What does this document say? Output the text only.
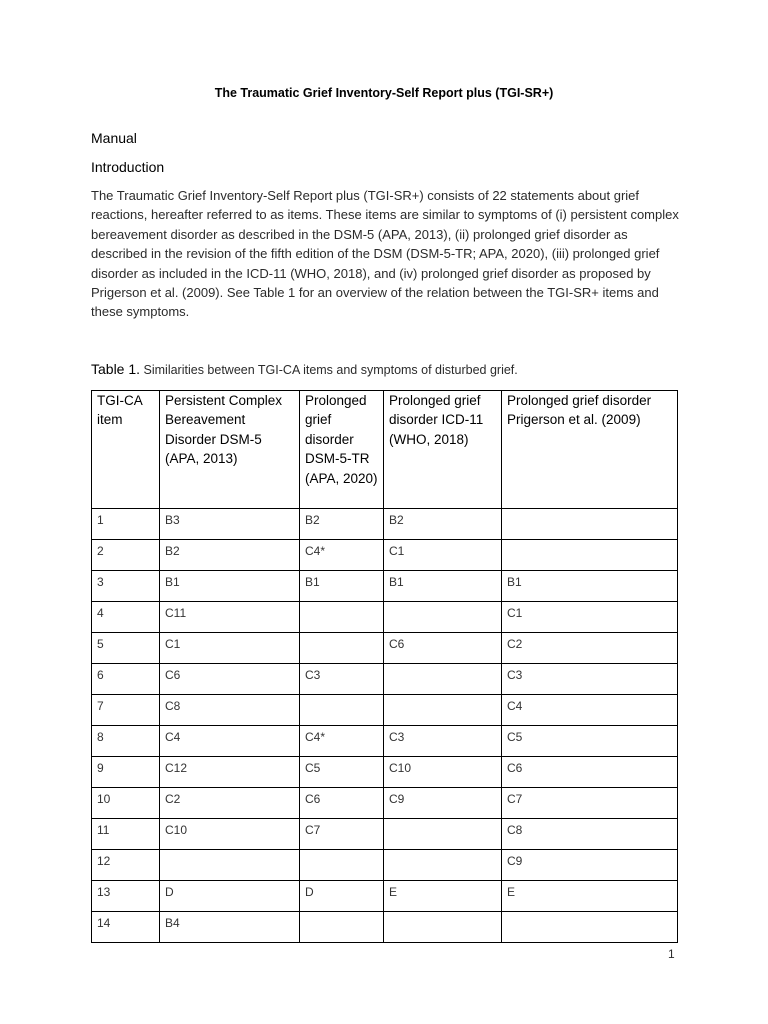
The Traumatic Grief Inventory-Self Report plus (TGI-SR+)
Manual
Introduction
The Traumatic Grief Inventory-Self Report plus (TGI-SR+) consists of 22 statements about grief reactions, hereafter referred to as items. These items are similar to symptoms of (i) persistent complex bereavement disorder as described in the DSM-5 (APA, 2013), (ii) prolonged grief disorder as described in the revision of the fifth edition of the DSM (DSM-5-TR; APA, 2020), (iii) prolonged grief disorder as included in the ICD-11 (WHO, 2018), and (iv) prolonged grief disorder as proposed by Prigerson et al. (2009). See Table 1 for an overview of the relation between the TGI-SR+ items and these symptoms.
Table 1. Similarities between TGI-CA items and symptoms of disturbed grief.
TGI-CA item	Persistent Complex Bereavement Disorder DSM-5 (APA, 2013)	Prolonged grief disorder DSM-5-TR (APA, 2020)	Prolonged grief disorder ICD-11 (WHO, 2018)	Prolonged grief disorder Prigerson et al. (2009)
1	B3	B2	B2	
2	B2	C4*	C1	
3	B1	B1	B1	B1
4	C11			C1
5	C1		C6	C2
6	C6	C3		C3
7	C8			C4
8	C4	C4*	C3	C5
9	C12	C5	C10	C6
10	C2	C6	C9	C7
11	C10	C7		C8
12				C9
13	D	D	E	E
14	B4			
1
